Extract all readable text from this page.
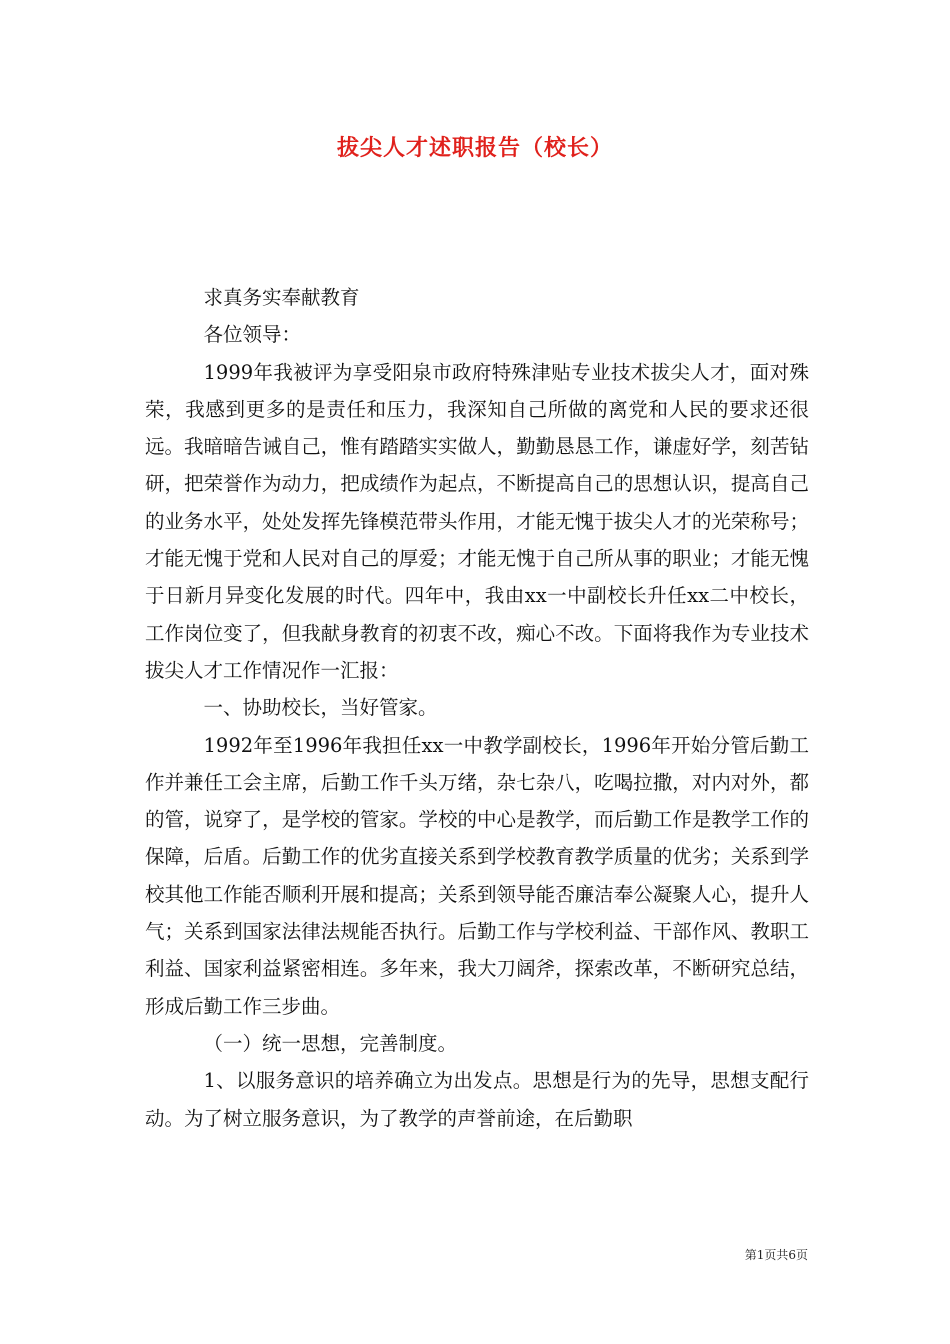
拔尖人才述职报告（校长）

求真务实奉献教育

各位领导：

1999年我被评为享受阳泉市政府特殊津贴专业技术拔尖人才，面对殊荣，我感到更多的是责任和压力，我深知自己所做的离党和人民的要求还很远。我暗暗告诫自己，惟有踏踏实实做人，勤勤恳恳工作，谦虚好学，刻苦钻研，把荣誉作为动力，把成绩作为起点，不断提高自己的思想认识，提高自己的业务水平，处处发挥先锋模范带头作用，才能无愧于拔尖人才的光荣称号；才能无愧于党和人民对自己的厚爱；才能无愧于自己所从事的职业；才能无愧于日新月异变化发展的时代。四年中，我由xx一中副校长升任xx二中校长，工作岗位变了，但我献身教育的初衷不改，痴心不改。下面将我作为专业技术拔尖人才工作情况作一汇报：

一、协助校长，当好管家。

1992年至1996年我担任xx一中教学副校长，1996年开始分管后勤工作并兼任工会主席，后勤工作千头万绪，杂七杂八，吃喝拉撒，对内对外，都的管，说穿了，是学校的管家。学校的中心是教学，而后勤工作是教学工作的保障，后盾。后勤工作的优劣直接关系到学校教育教学质量的优劣；关系到学校其他工作能否顺利开展和提高；关系到领导能否廉洁奉公凝聚人心，提升人气；关系到国家法律法规能否执行。后勤工作与学校利益、干部作风、教职工利益、国家利益紧密相连。多年来，我大刀阔斧，探索改革，不断研究总结，形成后勤工作三步曲。

（一）统一思想，完善制度。

1、以服务意识的培养确立为出发点。思想是行为的先导，思想支配行动。为了树立服务意识，为了教学的声誉前途，在后勤职

第1页共6页
